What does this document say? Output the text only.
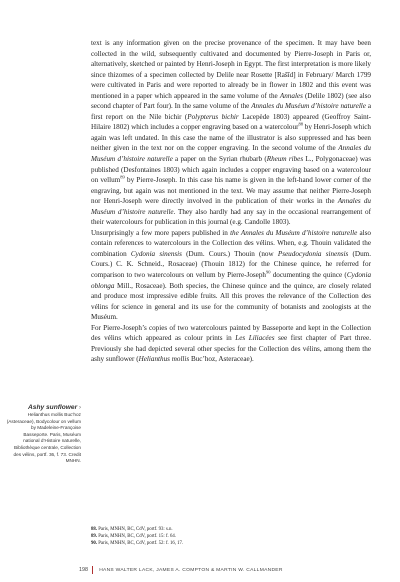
text is any information given on the precise provenance of the specimen. It may have been collected in the wild, subsequently cultivated and documented by Pierre-Joseph in Paris or, alternatively, sketched or painted by Henri-Joseph in Egypt. The first interpretation is more likely since thizomes of a specimen collected by Delile near Rosette [Rašīd] in February/ March 1799 were cultivated in Paris and were reported to already be in flower in 1802 and this event was mentioned in a paper which appeared in the same volume of the Annales (Delile 1802) (see also second chapter of Part four). In the same volume of the Annales du Muséum d’histoire naturelle a first report on the Nile bichir (Polypterus bichir Lacepède 1803) appeared (Geoffroy Saint-Hilaire 1802) which includes a copper engraving based on a watercolour$^{88}$ by Henri-Joseph which again was left undated. In this case the name of the illustrator is also suppressed and has been neither given in the text nor on the copper engraving. In the second volume of the Annales du Muséum d’histoire naturelle a paper on the Syrian rhubarb (Rheum ribes L., Polygonaceae) was published (Desfontaines 1803) which again includes a copper engraving based on a watercolour on vellum$^{89}$ by Pierre-Joseph. In this case his name is given in the left-hand lower corner of the engraving, but again was not mentioned in the text. We may assume that neither Pierre-Joseph nor Henri-Joseph were directly involved in the publication of their works in the Annales du Muséum d’histoire naturelle. They also hardly had any say in the occasional rearrangement of their watercolours for publication in this journal (e.g. Candolle 1803).

Unsurprisingly a few more papers published in the Annales du Muséum d’histoire naturelle also contain references to watercolours in the Collection des vélins. When, e.g. Thouin validated the combination Cydonia sinensis (Dum. Cours.) Thouin (now Pseudocydonia sinensis (Dum. Cours.) C. K. Schneid., Rosaceae) (Thouin 1812) for the Chinese quince, he referred for comparison to two watercolours on vellum by Pierre-Joseph$^{90}$ documenting the quince (Cydonia oblonga Mill., Rosaceae). Both species, the Chinese quince and the quince, are closely related and produce most impressive edible fruits. All this proves the relevance of the Collection des vélins for science in general and its use for the community of botanists and zoologists at the Muséum.

For Pierre-Joseph’s copies of two watercolours painted by Basseporte and kept in the Collection des vélins which appeared as colour prints in Les Liliacées see first chapter of Part three. Previously she had depicted several other species for the Collection des vélins, among them the ashy sunflower (Helianthus mollis Buc’hoz, Asteraceae).

Ashy sunflower ›
Helianthus mollis Buc’hoz (Asteraceae), Bodycolour on vellum by Madeleine-Françoise Basseporte. Paris, Muséum national d’Histoire naturelle, Bibliothèque centrale, Collection des vélins, portf. 36, f. 73. Credit MNHN.
88. Paris, MNHN, BC, CdV, portf. 93: s.n.
89. Paris, MNHN, BC, CdV, portf. 15: f. 64.
90. Paris, MNHN, BC, CdV, portf. 52: f. 16, 17.
198	HANS WALTER LACK, JAMES A. COMPTON & MARTIN W. CALLMANDER
